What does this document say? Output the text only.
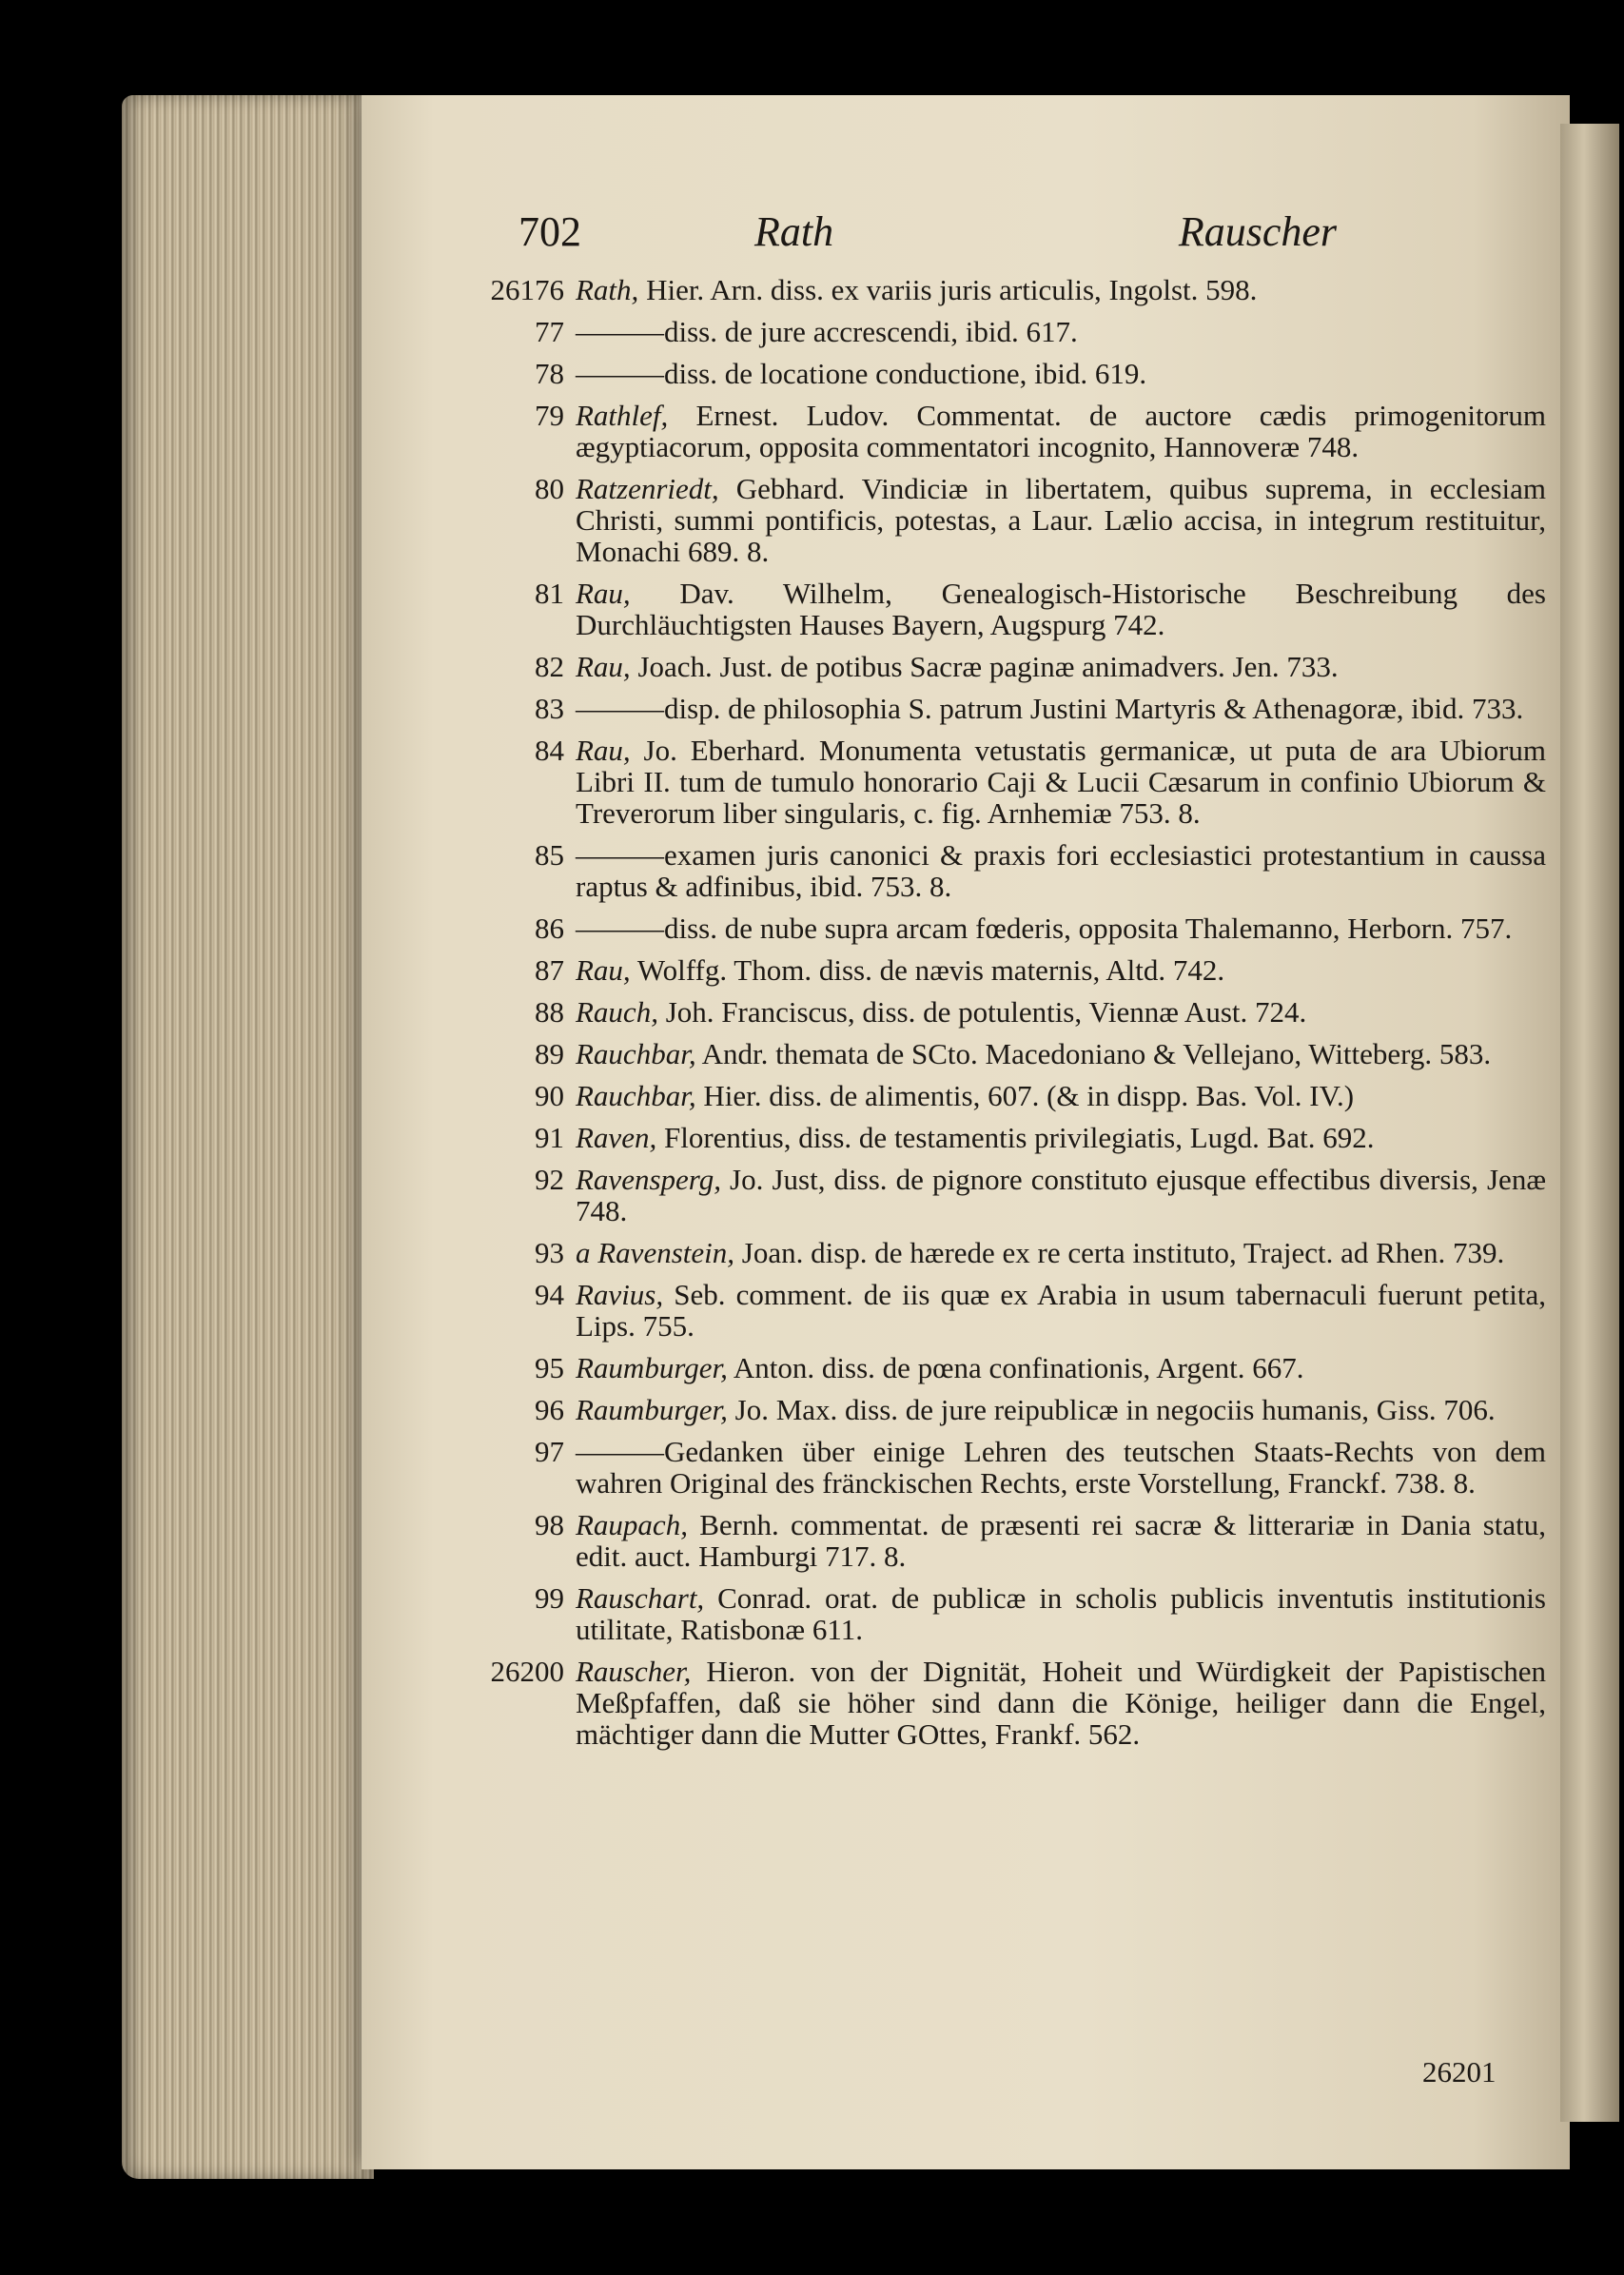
702	Rath	Rauscher
26176 Rath, Hier. Arn. diss. ex variis juris articulis, Ingolst. 598.
77 ———diss. de jure accrescendi, ibid. 617.
78 ———diss. de locatione conductione, ibid. 619.
79 Rathlef, Ernest. Ludov. Commentat. de auctore cædis primogenitorum ægyptiacorum, opposita commentatori incognito, Hannoveræ 748.
80 Ratzenriedt, Gebhard. Vindiciæ in libertatem, quibus suprema, in ecclesiam Christi, summi pontificis, potestas, a Laur. Lælio accisa, in integrum restituitur, Monachi 689. 8.
81 Rau, Dav. Wilhelm, Genealogisch-Historische Beschreibung des Durchläuchtigsten Hauses Bayern, Augspurg 742.
82 Rau, Joach. Just. de potibus Sacræ paginæ animadvers. Jen. 733.
83 ———disp. de philosophia S. patrum Justini Martyris & Athenagoræ, ibid. 733.
84 Rau, Jo. Eberhard. Monumenta vetustatis germanicæ, ut puta de ara Ubiorum Libri II. tum de tumulo honorario Caji & Lucii Cæsarum in confinio Ubiorum & Treverorum liber singularis, c. fig. Arnhemiæ 753. 8.
85 ———examen juris canonici & praxis fori ecclesiastici protestantium in caussa raptus & adfinibus, ibid. 753. 8.
86 ———diss. de nube supra arcam fœderis, opposita Thalemanno, Herborn. 757.
87 Rau, Wolffg. Thom. diss. de nævis maternis, Altd. 742.
88 Rauch, Joh. Franciscus, diss. de potulentis, Viennæ Aust. 724.
89 Rauchbar, Andr. themata de SCto. Macedoniano & Vellejano, Witteberg. 583.
90 Rauchbar, Hier. diss. de alimentis, 607. (& in dispp. Bas. Vol. IV.)
91 Raven, Florentius, diss. de testamentis privilegiatis, Lugd. Bat. 692.
92 Ravensperg, Jo. Just, diss. de pignore constituto ejusque effectibus diversis, Jenæ 748.
93 a Ravenstein, Joan. disp. de hærede ex re certa instituto, Traject. ad Rhen. 739.
94 Ravius, Seb. comment. de iis quæ ex Arabia in usum tabernaculi fuerunt petita, Lips. 755.
95 Raumburger, Anton. diss. de pœna confinationis, Argent. 667.
96 Raumburger, Jo. Max. diss. de jure reipublicæ in negociis humanis, Giss. 706.
97 ———Gedanken über einige Lehren des teutschen Staats-Rechts von dem wahren Original des fränckischen Rechts, erste Vorstellung, Franckf. 738. 8.
98 Raupach, Bernh. commentat. de præsenti rei sacræ & litterariæ in Dania statu, edit. auct. Hamburgi 717. 8.
99 Rauschart, Conrad. orat. de publicæ in scholis publicis inventutis institutionis utilitate, Ratisbonæ 611.
26200 Rauscher, Hieron. von der Dignität, Hoheit und Würdigkeit der Papistischen Meßpfaffen, daß sie höher sind dann die Könige, heiliger dann die Engel, mächtiger dann die Mutter GOttes, Frankf. 562.
26201
